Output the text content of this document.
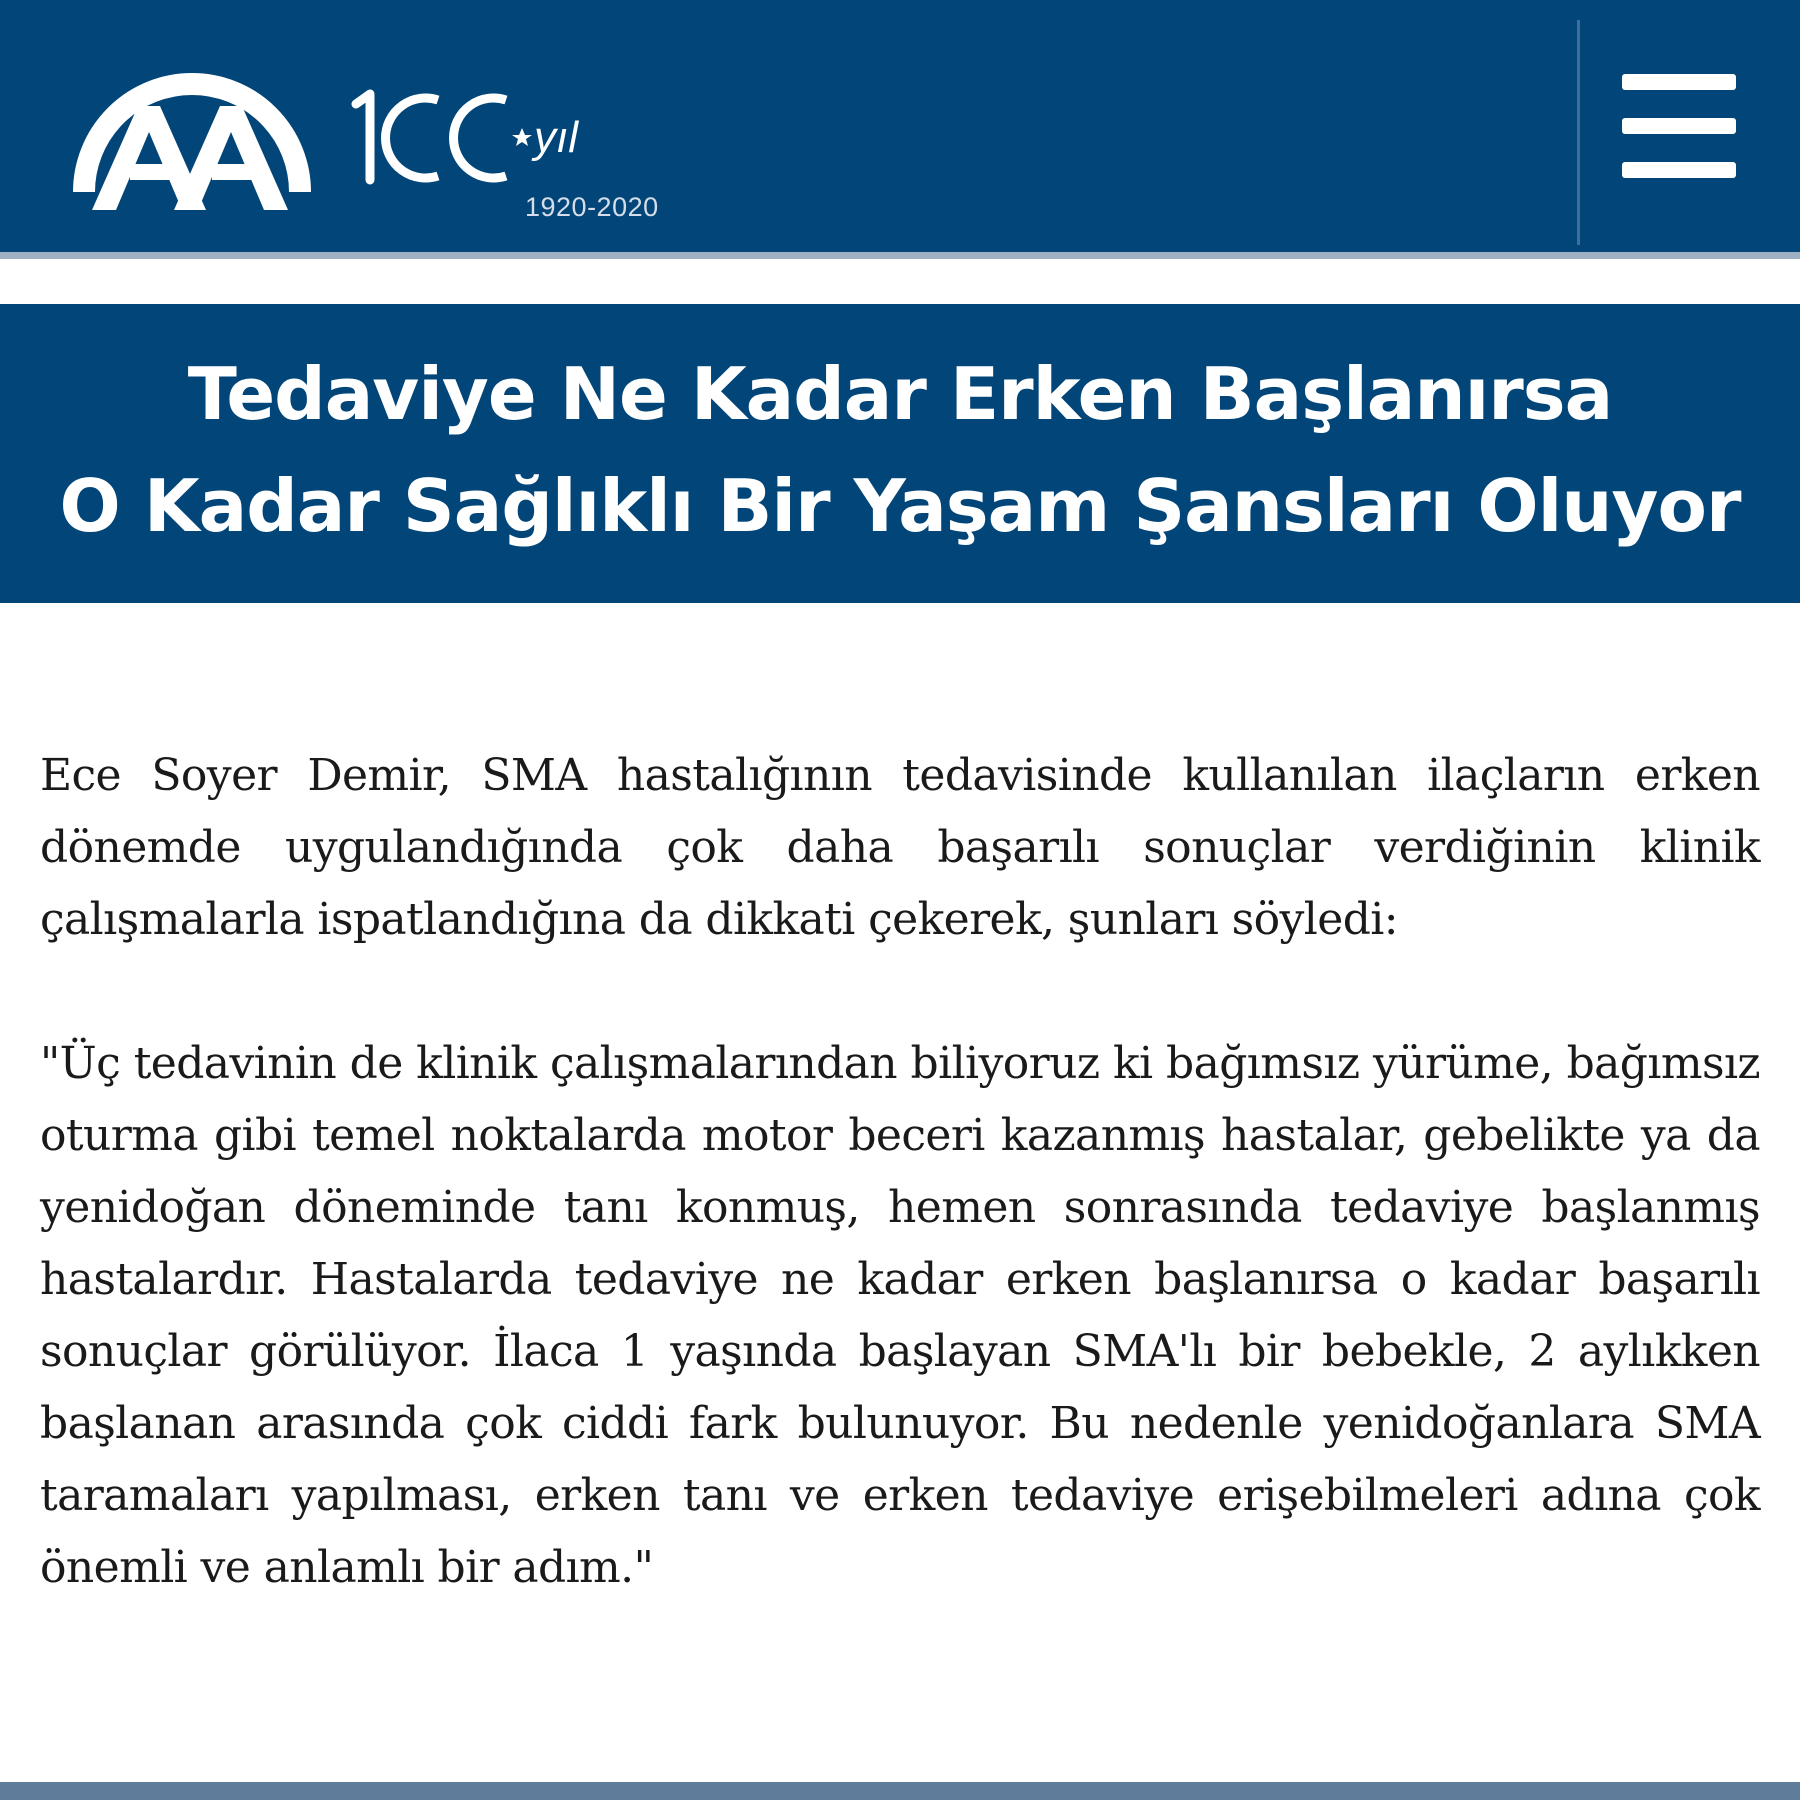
yıl
1920-2020
Tedaviye Ne Kadar Erken Başlanırsa
O Kadar Sağlıklı Bir Yaşam Şansları Oluyor

Ece Soyer Demir, SMA hastalığının tedavisinde kullanılan ilaçların erken dönemde uygulandığında çok daha başarılı sonuçlar verdiğinin klinik çalışmalarla ispatlandığına da dikkati çekerek, şunları söyledi:

"Üç tedavinin de klinik çalışmalarından biliyoruz ki bağımsız yürüme, bağımsız oturma gibi temel noktalarda motor beceri kazanmış hastalar, gebelikte ya da yenidoğan döneminde tanı konmuş, hemen sonrasında tedaviye başlanmış hastalardır. Hastalarda tedaviye ne kadar erken başlanırsa o kadar başarılı sonuçlar görülüyor. İlaca 1 yaşında başlayan SMA'lı bir bebekle, 2 aylıkken başlanan arasında çok ciddi fark bulunuyor. Bu nedenle yenidoğanlara SMA taramaları yapılması, erken tanı ve erken tedaviye erişebilmeleri adına çok önemli ve anlamlı bir adım."
